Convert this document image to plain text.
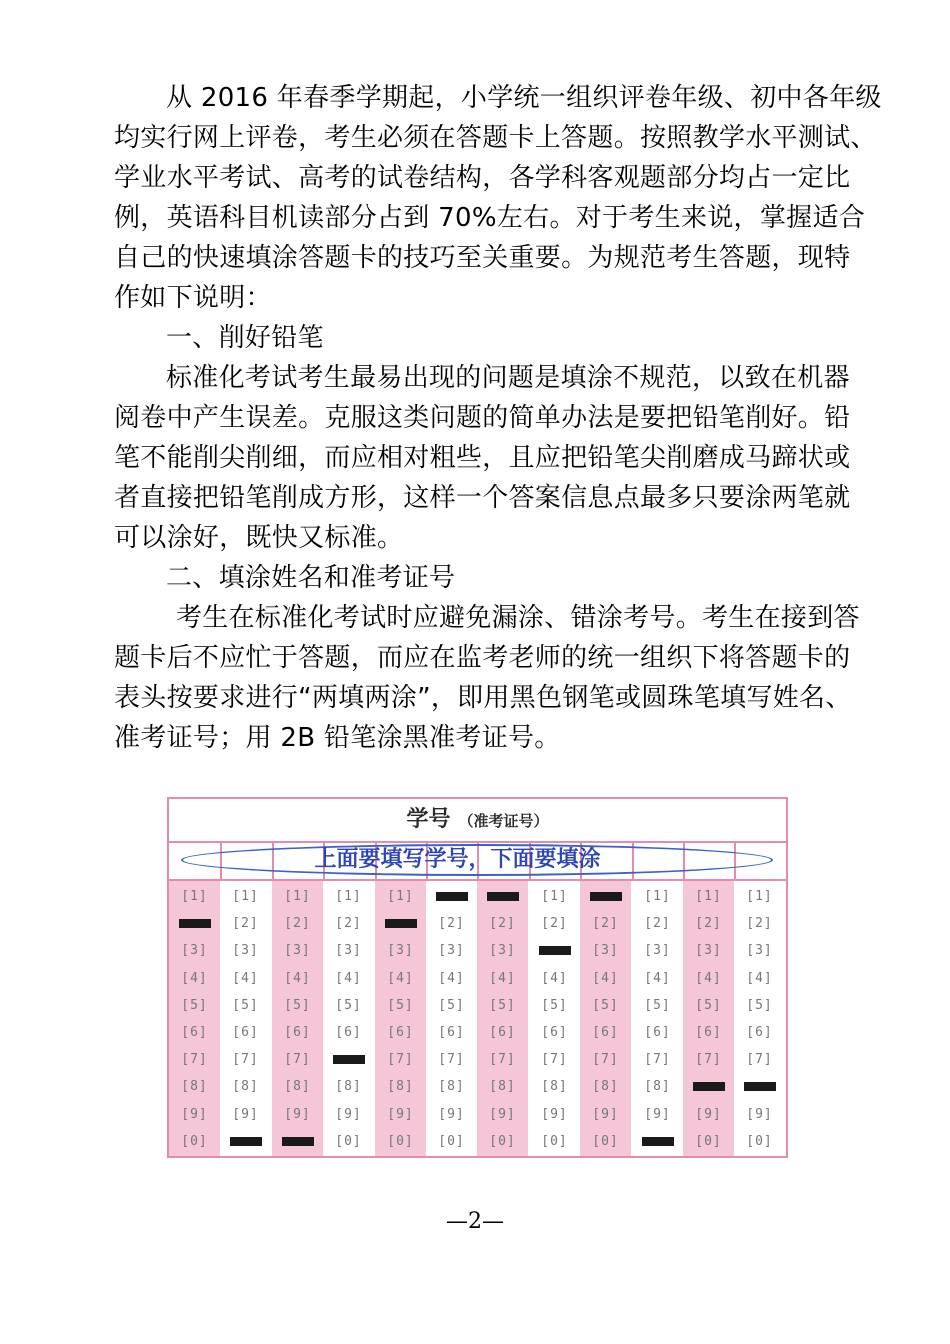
从 2016 年春季学期起，小学统一组织评卷年级、初中各年级
均实行网上评卷，考生必须在答题卡上答题。按照教学水平测试、
学业水平考试、高考的试卷结构，各学科客观题部分均占一定比
例，英语科目机读部分占到 70%左右。对于考生来说，掌握适合
自己的快速填涂答题卡的技巧至关重要。为规范考生答题，现特
作如下说明：
一、削好铅笔
标准化考试考生最易出现的问题是填涂不规范，以致在机器
阅卷中产生误差。克服这类问题的简单办法是要把铅笔削好。铅
笔不能削尖削细，而应相对粗些，且应把铅笔尖削磨成马蹄状或
者直接把铅笔削成方形，这样一个答案信息点最多只要涂两笔就
可以涂好，既快又标准。
二、填涂姓名和准考证号
考生在标准化考试时应避免漏涂、错涂考号。考生在接到答
题卡后不应忙于答题，而应在监考老师的统一组织下将答题卡的
表头按要求进行“两填两涂”，即用黑色钢笔或圆珠笔填写姓名、
准考证号；用 2B 铅笔涂黑准考证号。
学号 （准考证号）
上面要填写学号，下面要填涂
[1]
[3]
[4]
[5]
[6]
[7]
[8]
[9]
[0]
[1]
[2]
[3]
[4]
[5]
[6]
[7]
[8]
[9]
[1]
[2]
[3]
[4]
[5]
[6]
[7]
[8]
[9]
[1]
[2]
[3]
[4]
[5]
[6]
[8]
[9]
[0]
[1]
[3]
[4]
[5]
[6]
[7]
[8]
[9]
[0]
[2]
[3]
[4]
[5]
[6]
[7]
[8]
[9]
[0]
[2]
[3]
[4]
[5]
[6]
[7]
[8]
[9]
[0]
[1]
[2]
[4]
[5]
[6]
[7]
[8]
[9]
[0]
[2]
[3]
[4]
[5]
[6]
[7]
[8]
[9]
[0]
[1]
[2]
[3]
[4]
[5]
[6]
[7]
[8]
[9]
[1]
[2]
[3]
[4]
[5]
[6]
[7]
[9]
[0]
[1]
[2]
[3]
[4]
[5]
[6]
[7]
[9]
[0]
—2—
